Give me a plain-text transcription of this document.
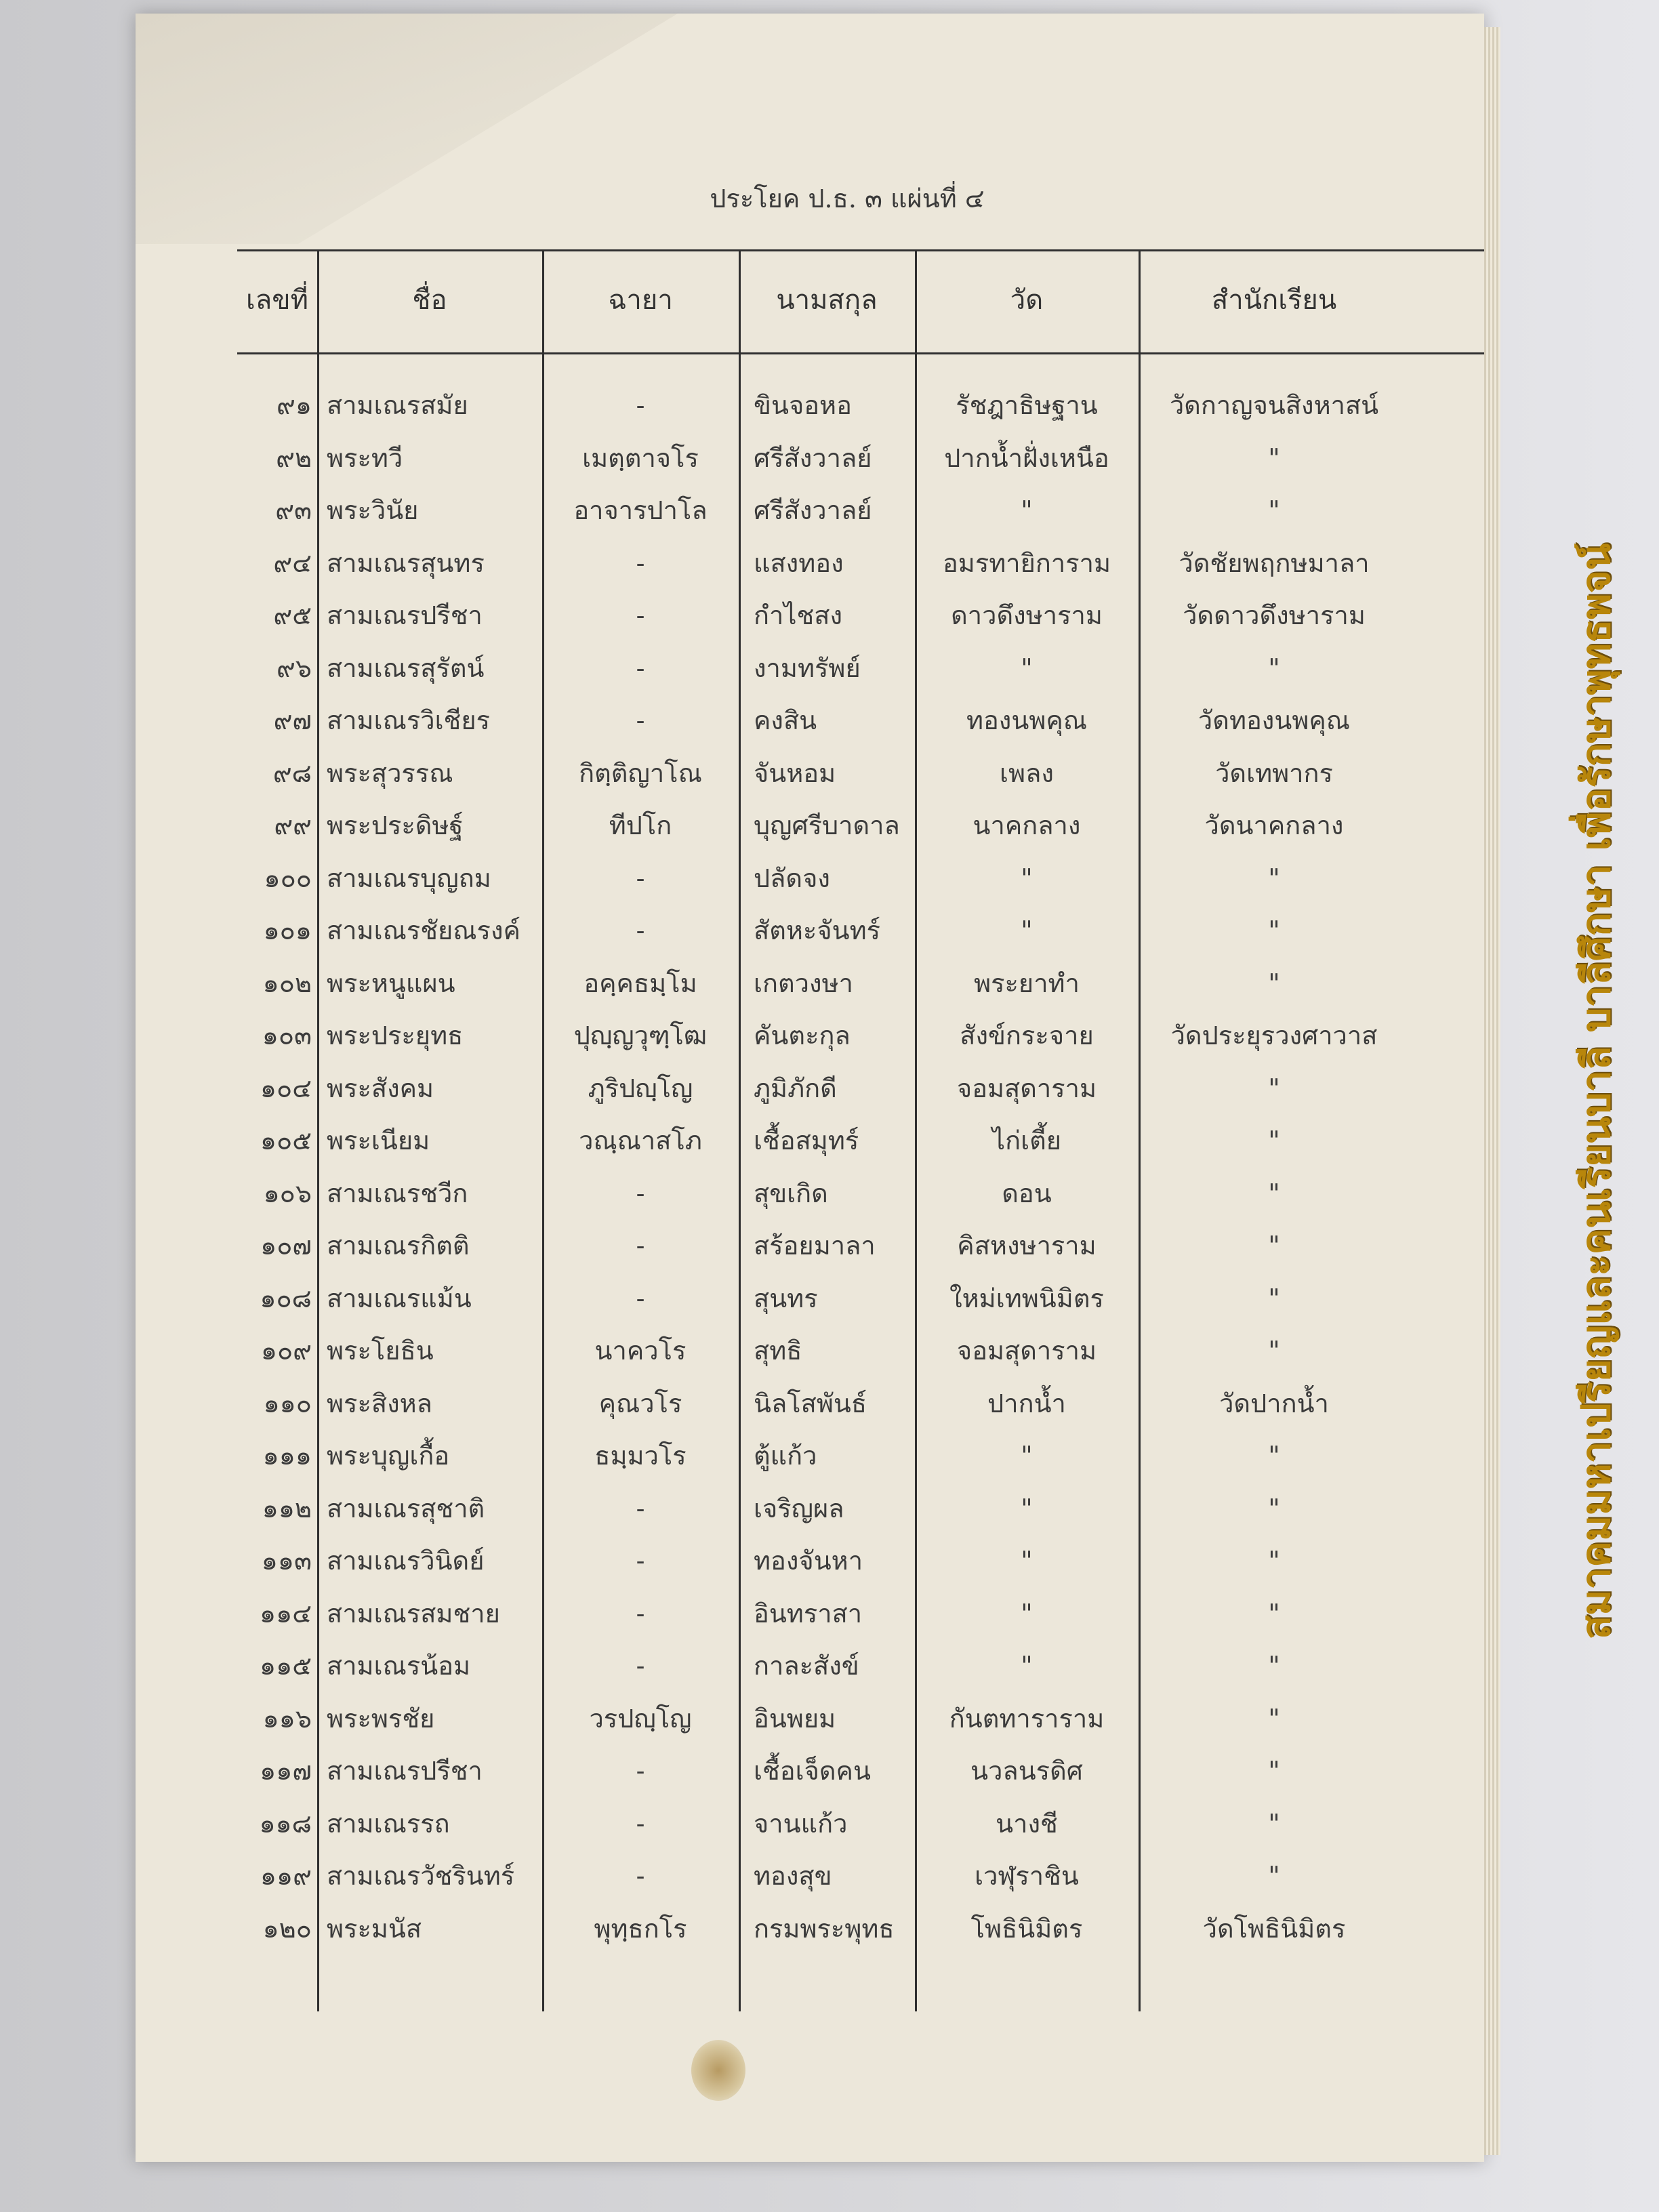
ประโยค ป.ธ. ๓ แผ่นที่ ๔
เลขที่	ชื่อ	ฉายา	นามสกุล	วัด	สำนักเรียน
๙๑ สามเณรสมัย	-	ขินจอหอ	รัชฎาธิษฐาน	วัดกาญจนสิงหาสน์
๙๒ พระทวี	เมตฺตาจโร	ศรีสังวาลย์	ปากน้ำฝั่งเหนือ	"
๙๓ พระวินัย	อาจารปาโล	ศรีสังวาลย์	"	"
๙๔ สามเณรสุนทร	-	แสงทอง	อมรทายิการาม	วัดชัยพฤกษมาลา
๙๕ สามเณรปรีชา	-	กำไชสง	ดาวดึงษาราม	วัดดาวดึงษาราม
๙๖ สามเณรสุรัตน์	-	งามทรัพย์	"	"
๙๗ สามเณรวิเชียร	-	คงสิน	ทองนพคุณ	วัดทองนพคุณ
๙๘ พระสุวรรณ	กิตฺติญาโณ	จันหอม	เพลง	วัดเทพากร
๙๙ พระประดิษฐ์	ทีปโก	บุญศรีบาดาล	นาคกลาง	วัดนาคกลาง
๑๐๐ สามเณรบุญถม	-	ปลัดจง	"	"
๑๐๑ สามเณรชัยณรงค์	-	สัตหะจันทร์	"	"
๑๐๒ พระหนูแผน	อคฺคธมฺโม	เกตวงษา	พระยาทำ	"
๑๐๓ พระประยุทธ	ปุญฺญวุฑฺโฒ	คันตะกุล	สังข์กระจาย	วัดประยุรวงศาวาส
๑๐๔ พระสังคม	ภูริปญฺโญ	ภูมิภักดี	จอมสุดาราม	"
๑๐๕ พระเนียม	วณฺณาสโภ	เชื้อสมุทร์	ไก่เตี้ย	"
๑๐๖ สามเณรชวีก	-	สุขเกิด	ดอน	"
๑๐๗ สามเณรกิตติ	-	สร้อยมาลา	คิสหงษาราม	"
๑๐๘ สามเณรแม้น	-	สุนทร	ใหม่เทพนิมิตร	"
๑๐๙ พระโยธิน	นาควโร	สุทธิ	จอมสุดาราม	"
๑๑๐ พระสิงหล	คุณวโร	นิลโสพันธ์	ปากน้ำ	วัดปากน้ำ
๑๑๑ พระบุญเกื้อ	ธมฺมวโร	ตู้แก้ว	"	"
๑๑๒ สามเณรสุชาติ	-	เจริญผล	"	"
๑๑๓ สามเณรวินิดย์	-	ทองจันหา	"	"
๑๑๔ สามเณรสมชาย	-	อินทราสา	"	"
๑๑๕ สามเณรน้อม	-	กาละสังข์	"	"
๑๑๖ พระพรชัย	วรปญฺโญ	อินพยม	กันตทาราราม	"
๑๑๗ สามเณรปรีชา	-	เชื้อเจ็ดคน	นวลนรดิศ	"
๑๑๘ สามเณรรถ	-	จานแก้ว	นางชี	"
๑๑๙ สามเณรวัชรินทร์	-	ทองสุข	เวฬุราชิน	"
๑๒๐ พระมนัส	พุทฺธกโร	กรมพระพุทธ	โพธินิมิตร	วัดโพธินิมิตร
สมาคมมหาเปรียญและคนเรียนบาลี บาลีศึกษา เพื่อรักษาพุทธพจน์
